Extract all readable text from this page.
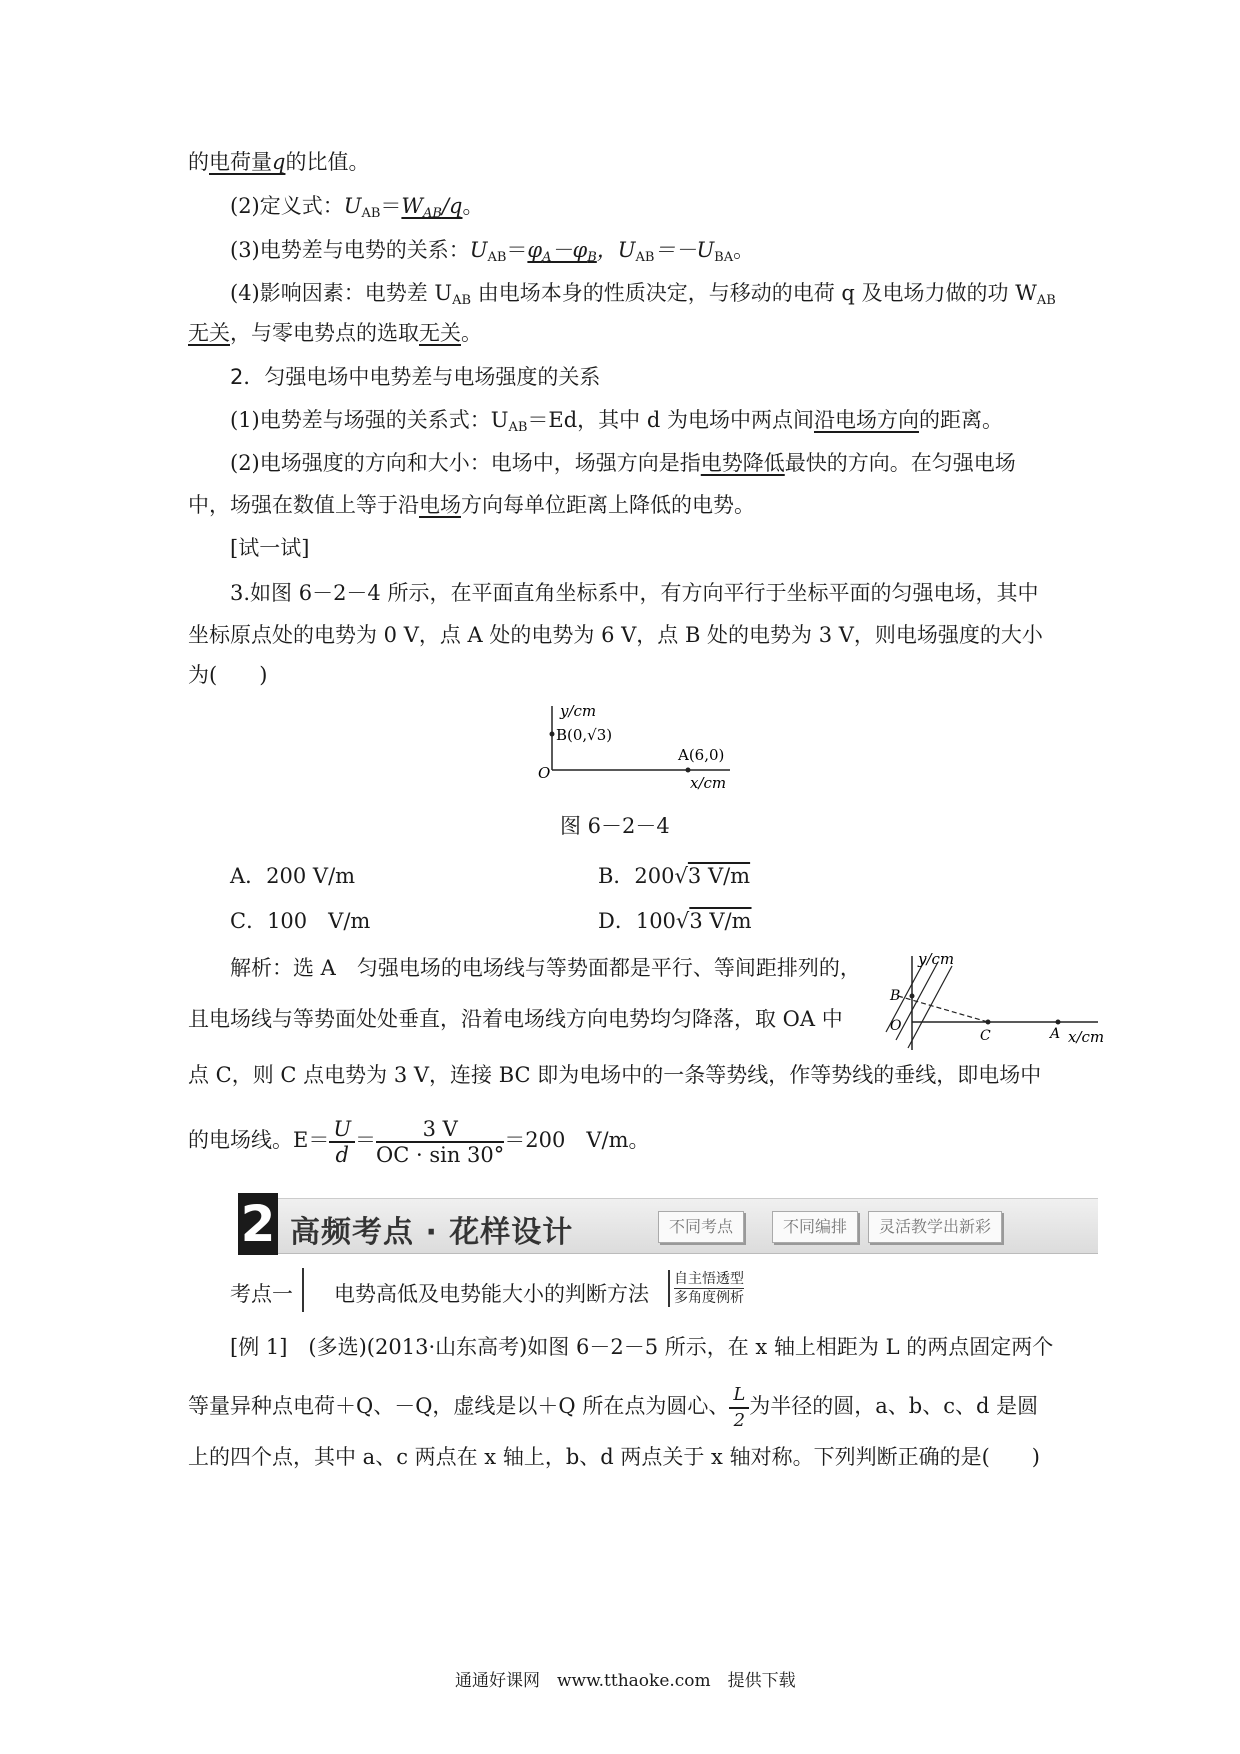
的电荷量q的比值。
(2)定义式：$U_{AB}=W_{AB}/q$。
(3)电势差与电势的关系：$U_{AB}=\varphi_A-\varphi_B$，$U_{AB}=-U_{BA}$。
(4)影响因素：电势差 $U_{AB}$ 由电场本身的性质决定，与移动的电荷 q 及电场力做的功 $W_{AB}$
无关，与零电势点的选取无关。
2．匀强电场中电势差与电场强度的关系
(1)电势差与场强的关系式：$U_{AB}=Ed$，其中 d 为电场中两点间沿电场方向的距离。
(2)电场强度的方向和大小：电场中，场强方向是指电势降低最快的方向。在匀强电场
中，场强在数值上等于沿电场方向每单位距离上降低的电势。
[试一试]
3.如图 6－2－4 所示，在平面直角坐标系中，有方向平行于坐标平面的匀强电场，其中
坐标原点处的电势为 0 V，点 A 处的电势为 6 V，点 B 处的电势为 3 V，则电场强度的大小
为(　　)
y/cm
B(0,√3)
A(6,0)
O
x/cm
图 6－2－4
A．200 V/m	B．200√3 V/m
C．100　V/m	D．100√3 V/m
解析：选 A　匀强电场的电场线与等势面都是平行、等间距排列的，
且电场线与等势面处处垂直，沿着电场线方向电势均匀降落，取 OA 中
点 C，则 C 点电势为 3 V，连接 BC 即为电场中的一条等势线，作等势线的垂线，即电场中
的电场线。$E= \frac{U}{d} = \frac{3 V}{OC \cdot \sin 30^\circ} =200$　V/m。
y/cm
B
O
C	A x/cm
2 高频考点 · 花样设计	不同考点	不同编排	灵活教学出新彩
考点一 电势高低及电势能大小的判断方法
自主悟透型
多角度例析
[例 1]　(多选)(2013·山东高考)如图 6－2－5 所示，在 x 轴上相距为 L 的两点固定两个
等量异种点电荷＋Q、－Q，虚线是以＋Q 所在点为圆心、 $\frac{L}{2}$ 为半径的圆，a、b、c、d 是圆
上的四个点，其中 a、c 两点在 x 轴上，b、d 两点关于 x 轴对称。下列判断正确的是(　　)
通通好课网　www.tthaoke.com　提供下载
